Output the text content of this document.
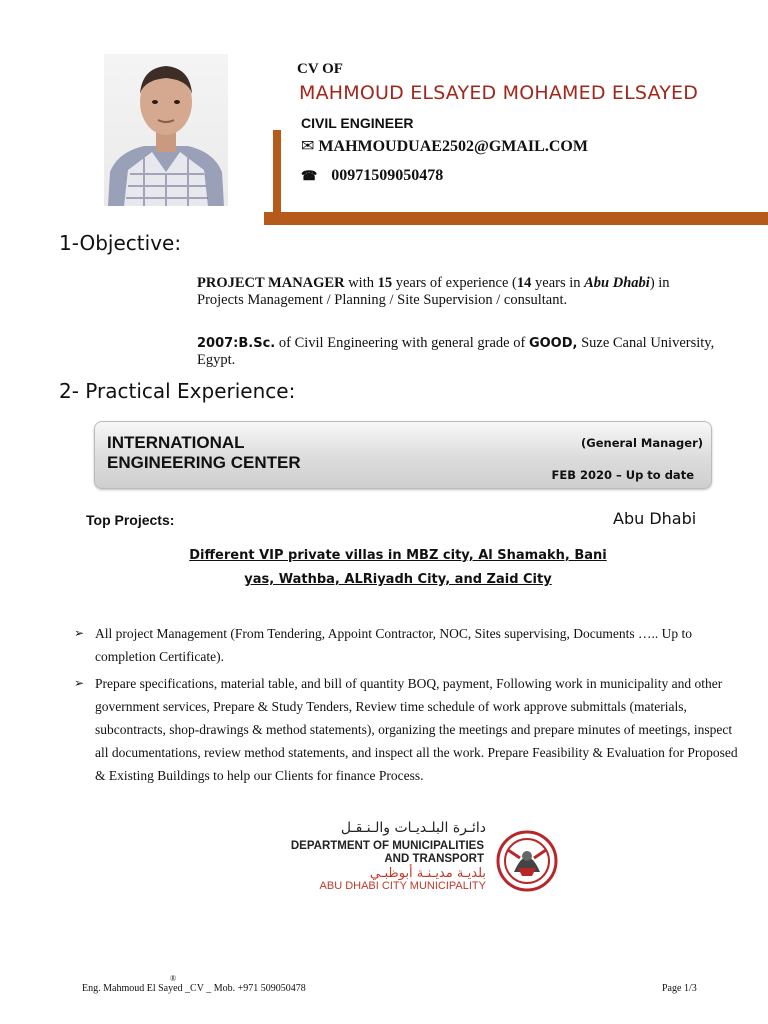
CV OF
MAHMOUD ELSAYED MOHAMED ELSAYED
CIVIL ENGINEER
✉ MAHMOUDUAE2502@GMAIL.COM
☎ 00971509050478
1-Objective:
PROJECT MANAGER with 15 years of experience (14 years in Abu Dhabi) in Projects Management / Planning / Site Supervision / consultant.
2007:B.Sc. of Civil Engineering with general grade of GOOD, Suze Canal University, Egypt.
2- Practical Experience:
INTERNATIONAL
ENGINEERING CENTER
(General Manager)
FEB 2020 – Up to date
Top Projects:	Abu Dhabi
Different VIP private villas in MBZ city, Al Shamakh, Bani
yas, Wathba, ALRiyadh City, and Zaid City
➢ All project Management (From Tendering, Appoint Contractor, NOC, Sites supervising, Documents ….. Up to completion Certificate).
➢ Prepare specifications, material table, and bill of quantity BOQ, payment, Following work in municipality and other government services, Prepare & Study Tenders, Review time schedule of work approve submittals (materials, subcontracts, shop-drawings & method statements), organizing the meetings and prepare minutes of meetings, inspect all documentations, review method statements, and inspect all the work. Prepare Feasibility & Evaluation for Proposed & Existing Buildings to help our Clients for finance Process.
دائـرة البلـديـات والـنـقـل
DEPARTMENT OF MUNICIPALITIES
AND TRANSPORT
بلديـة مديـنـة أبوظبـي
ABU DHABI CITY MUNICIPALITY
®
Eng. Mahmoud El Sayed _CV _ Mob. +971 509050478	Page 1/3
